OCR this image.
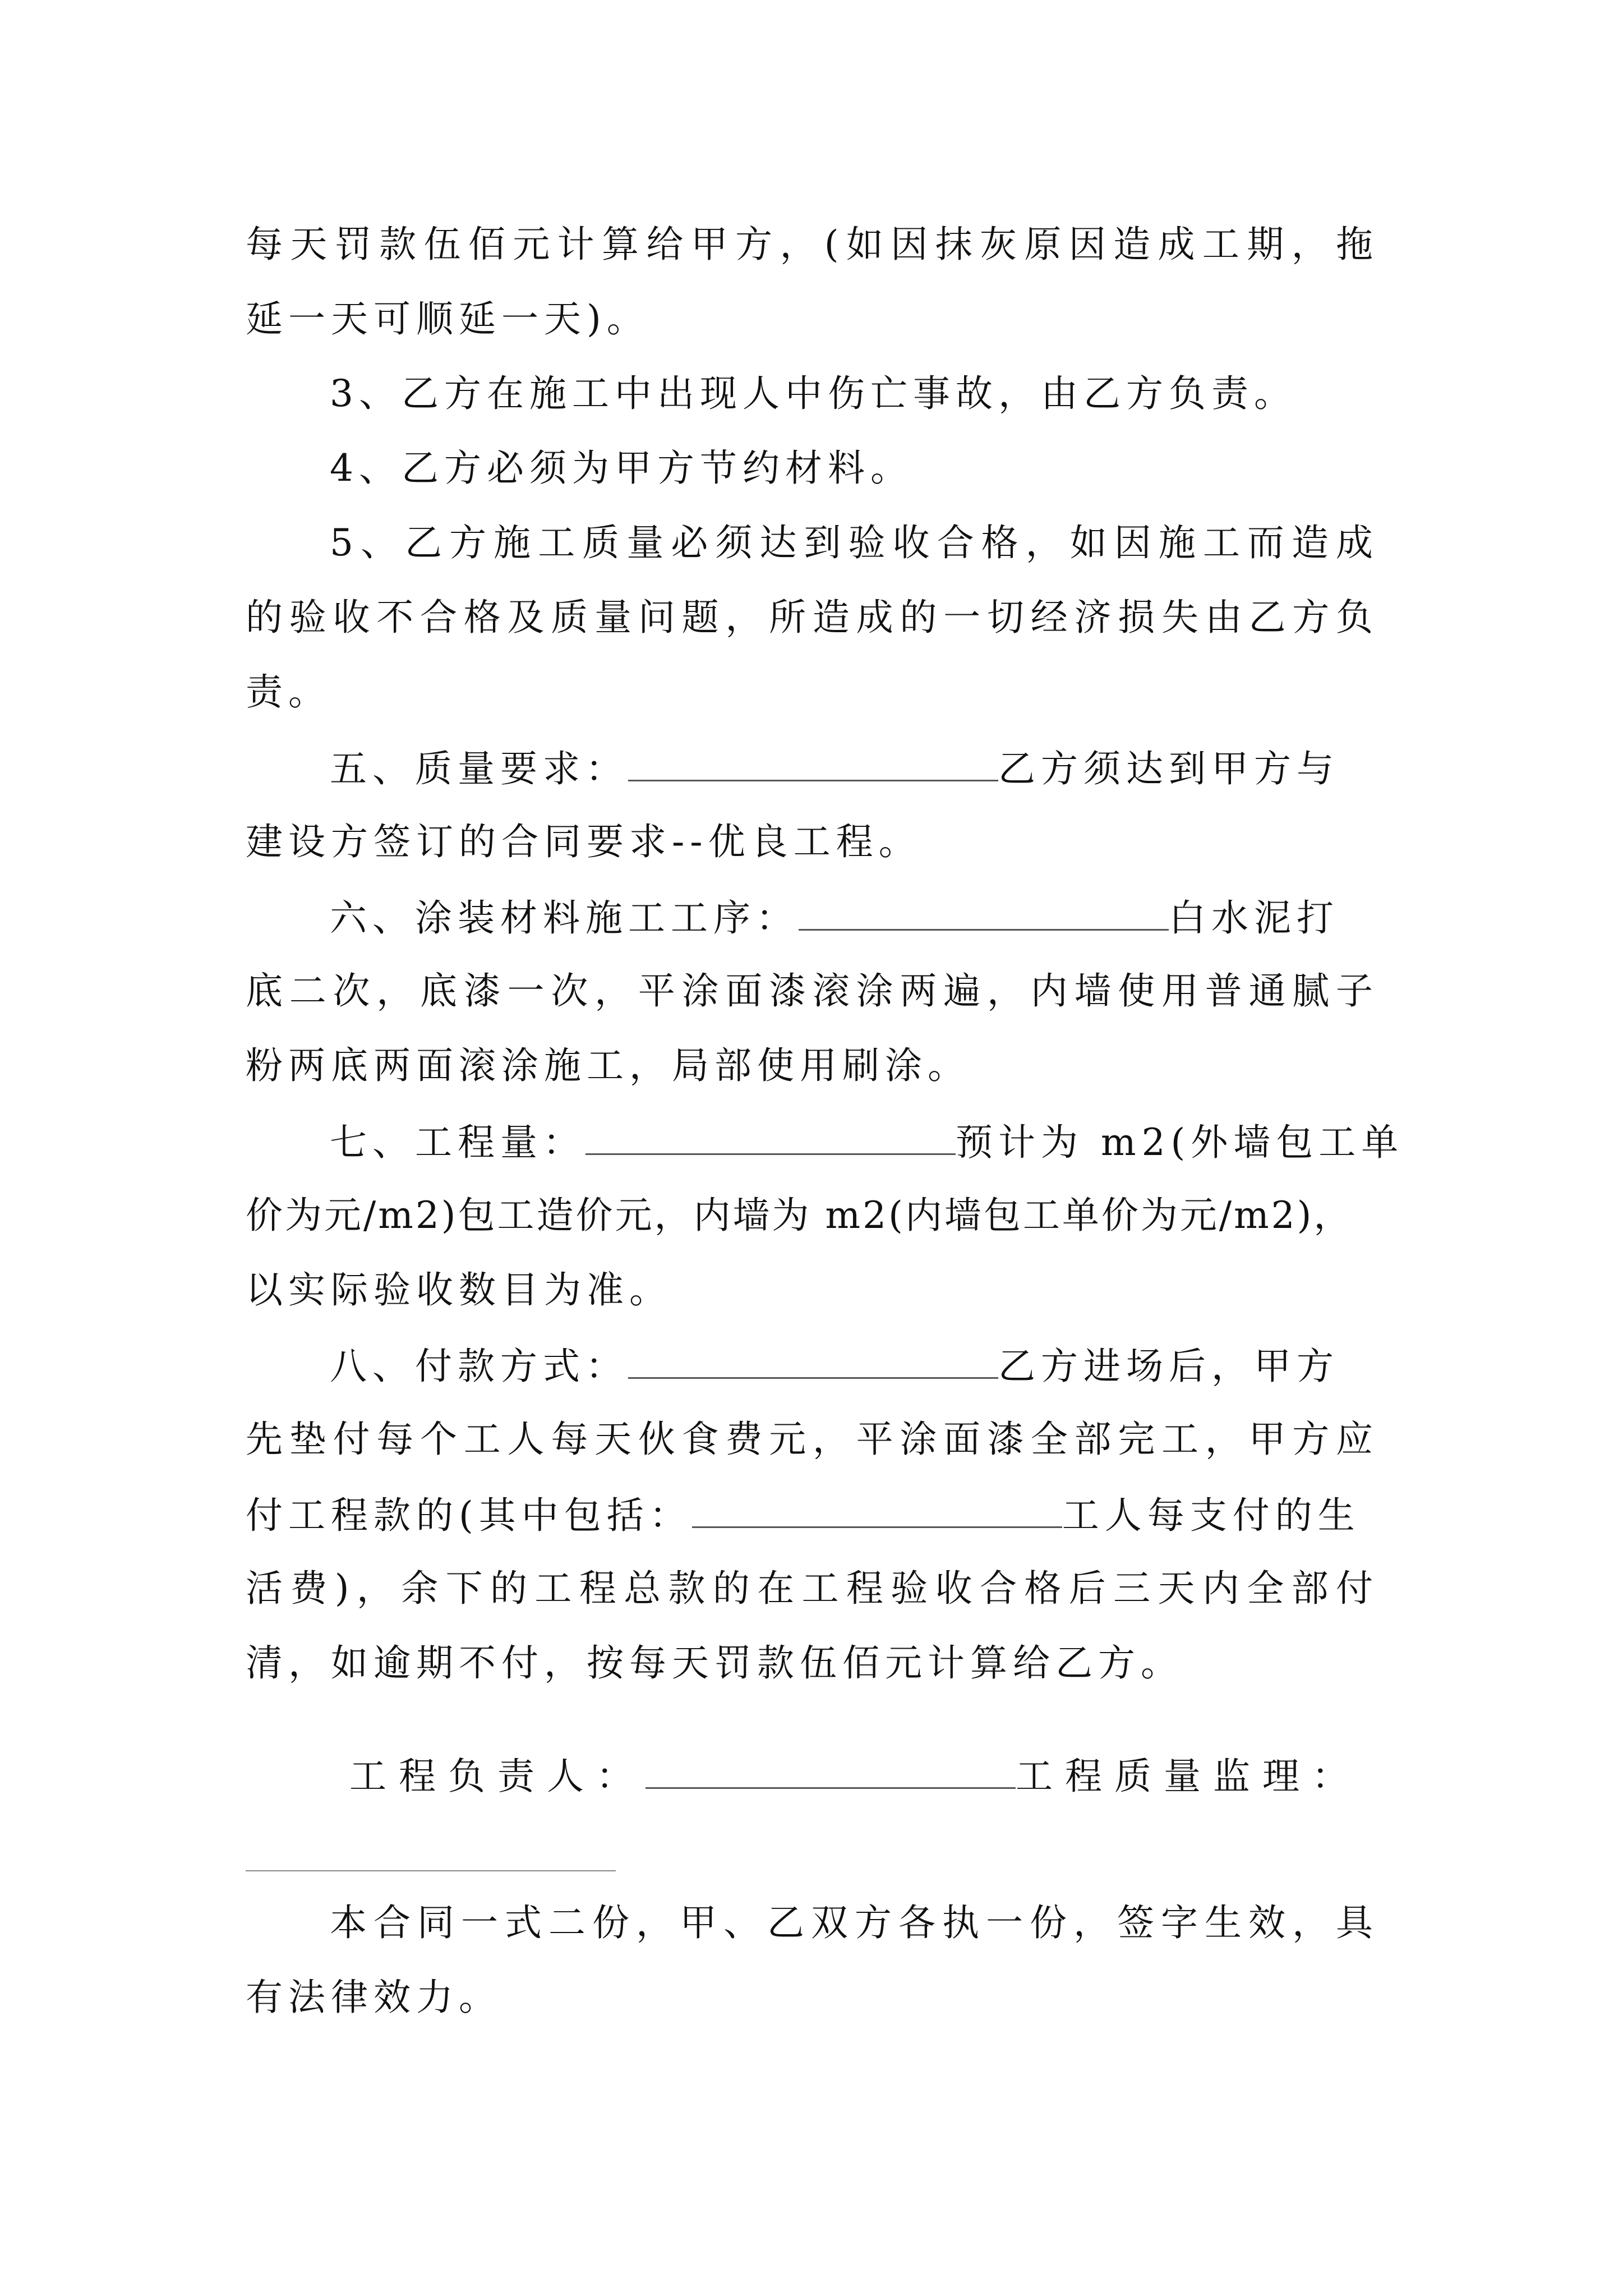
每天罚款伍佰元计算给甲方，(如因抹灰原因造成工期，拖
延一天可顺延一天)。
3、乙方在施工中出现人中伤亡事故，由乙方负责。
4、乙方必须为甲方节约材料。
5、乙方施工质量必须达到验收合格，如因施工而造成
的验收不合格及质量问题，所造成的一切经济损失由乙方负
责。
五、质量要求：	乙方须达到甲方与
建设方签订的合同要求--优良工程。
六、涂装材料施工工序：	白水泥打
底二次，底漆一次，平涂面漆滚涂两遍，内墙使用普通腻子
粉两底两面滚涂施工，局部使用刷涂。
七、工程量：	预计为 m2(外墙包工单
价为元/m2)包工造价元，内墙为 m2(内墙包工单价为元/m2)，
以实际验收数目为准。
八、付款方式：	乙方进场后，甲方
先垫付每个工人每天伙食费元，平涂面漆全部完工，甲方应
付工程款的(其中包括：	工人每支付的生
活费)，余下的工程总款的在工程验收合格后三天内全部付
清，如逾期不付，按每天罚款伍佰元计算给乙方。
工程负责人：	工程质量监理：
本合同一式二份，甲、乙双方各执一份，签字生效，具
有法律效力。
